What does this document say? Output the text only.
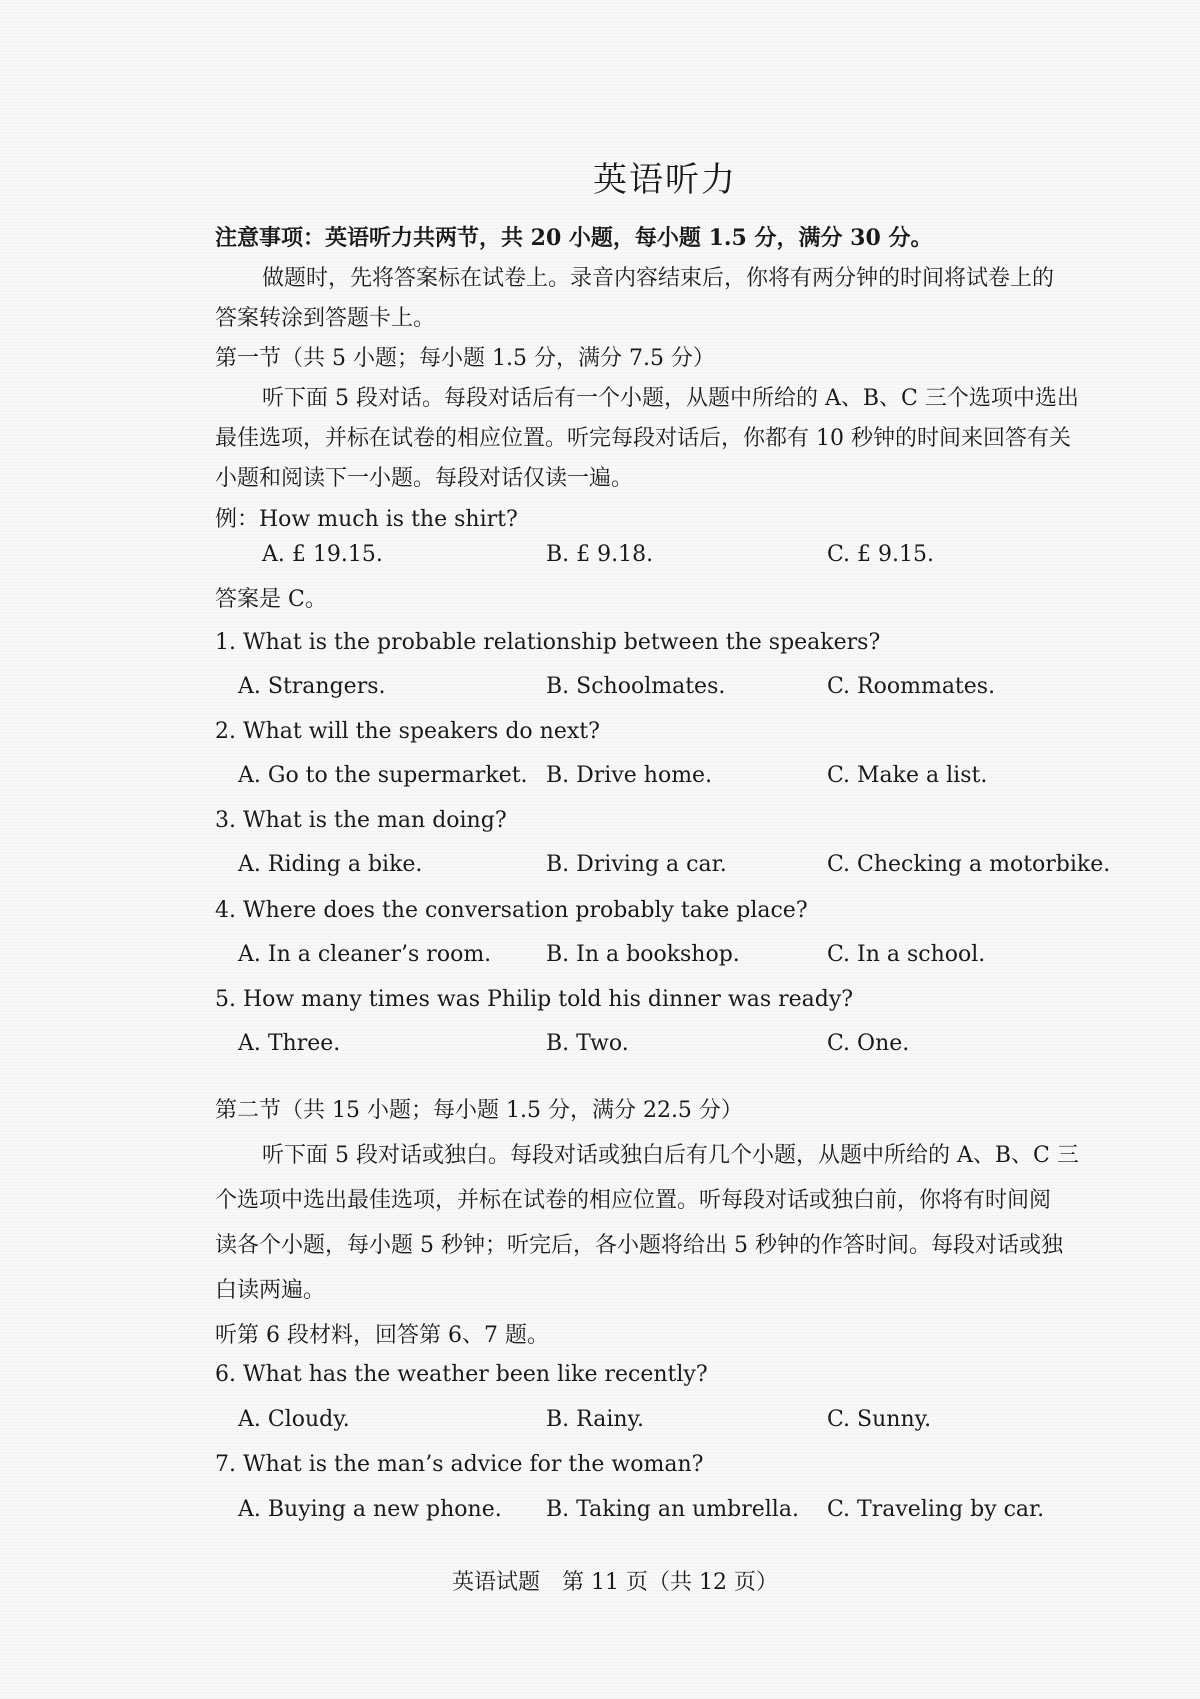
英语听力
注意事项：英语听力共两节，共 20 小题，每小题 1.5 分，满分 30 分。
做题时，先将答案标在试卷上。录音内容结束后，你将有两分钟的时间将试卷上的
答案转涂到答题卡上。
第一节（共 5 小题；每小题 1.5 分，满分 7.5 分）
听下面 5 段对话。每段对话后有一个小题，从题中所给的 A、B、C 三个选项中选出
最佳选项，并标在试卷的相应位置。听完每段对话后，你都有 10 秒钟的时间来回答有关
小题和阅读下一小题。每段对话仅读一遍。
例：How much is the shirt?
A. £ 19.15.	B. £ 9.18.	C. £ 9.15.
答案是 C。
1. What is the probable relationship between the speakers?
A. Strangers.	B. Schoolmates.	C. Roommates.
2. What will the speakers do next?
A. Go to the supermarket. B. Drive home.	C. Make a list.
3. What is the man doing?
A. Riding a bike.	B. Driving a car.	C. Checking a motorbike.
4. Where does the conversation probably take place?
A. In a cleaner’s room. B. In a bookshop.	C. In a school.
5. How many times was Philip told his dinner was ready?
A. Three.	B. Two.	C. One.
第二节（共 15 小题；每小题 1.5 分，满分 22.5 分）
听下面 5 段对话或独白。每段对话或独白后有几个小题，从题中所给的 A、B、C 三
个选项中选出最佳选项，并标在试卷的相应位置。听每段对话或独白前，你将有时间阅
读各个小题，每小题 5 秒钟；听完后，各小题将给出 5 秒钟的作答时间。每段对话或独
白读两遍。
听第 6 段材料，回答第 6、7 题。
6. What has the weather been like recently?
A. Cloudy.	B. Rainy.	C. Sunny.
7. What is the man’s advice for the woman?
A. Buying a new phone. B. Taking an umbrella. C. Traveling by car.
英语试题　第 11 页（共 12 页）
